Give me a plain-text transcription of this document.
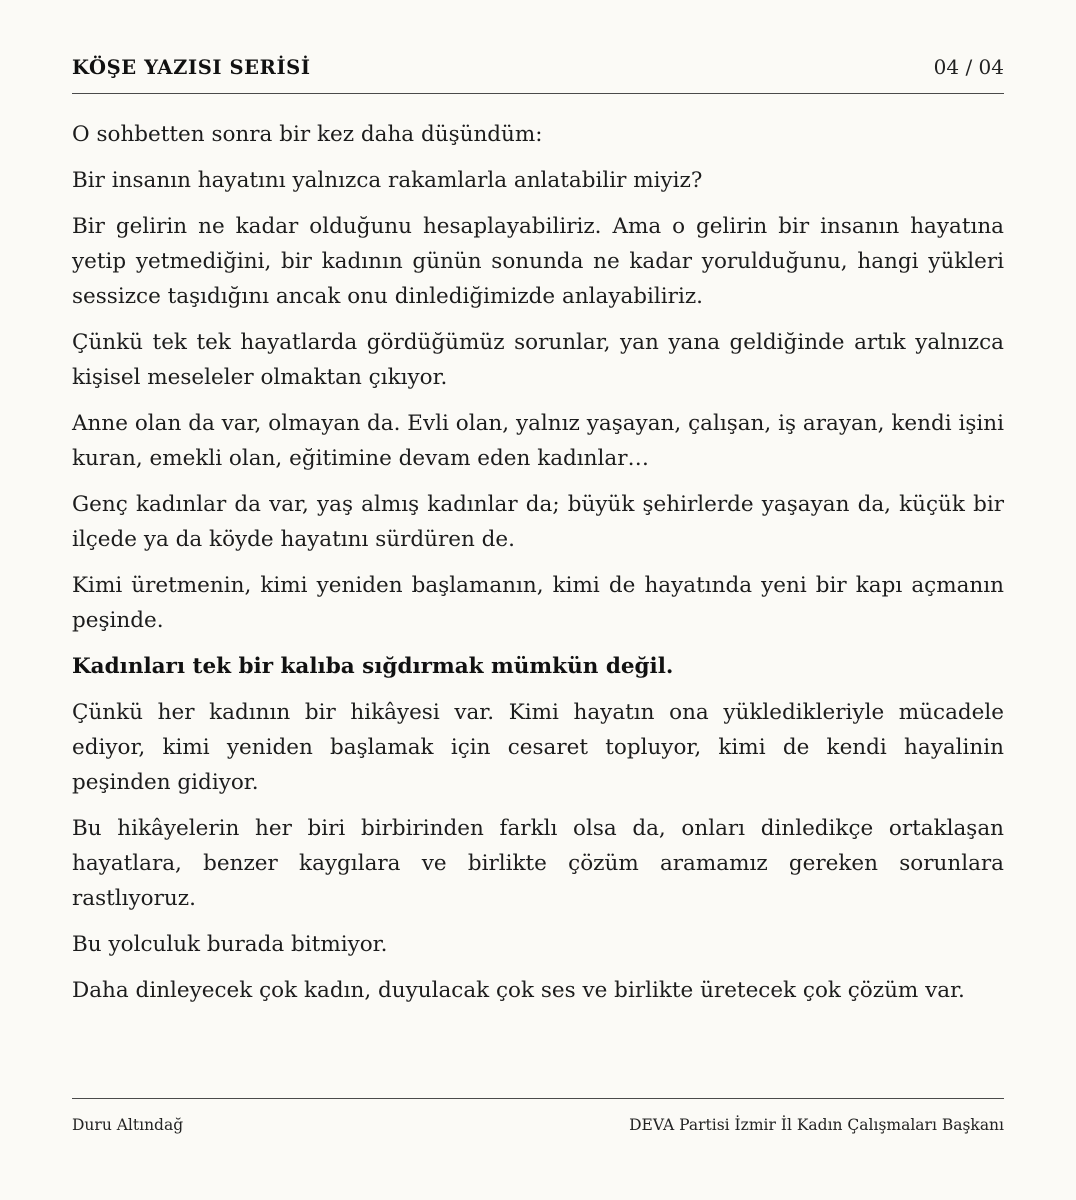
KÖŞE YAZISI SERİSİ	04 / 04

O sohbetten sonra bir kez daha düşündüm:

Bir insanın hayatını yalnızca rakamlarla anlatabilir miyiz?

Bir gelirin ne kadar olduğunu hesaplayabiliriz. Ama o gelirin bir insanın hayatına yetip yetmediğini, bir kadının günün sonunda ne kadar yorulduğunu, hangi yükleri sessizce taşıdığını ancak onu dinlediğimizde anlayabiliriz.

Çünkü tek tek hayatlarda gördüğümüz sorunlar, yan yana geldiğinde artık yalnızca kişisel meseleler olmaktan çıkıyor.

Anne olan da var, olmayan da. Evli olan, yalnız yaşayan, çalışan, iş arayan, kendi işini kuran, emekli olan, eğitimine devam eden kadınlar…

Genç kadınlar da var, yaş almış kadınlar da; büyük şehirlerde yaşayan da, küçük bir ilçede ya da köyde hayatını sürdüren de.

Kimi üretmenin, kimi yeniden başlamanın, kimi de hayatında yeni bir kapı açmanın peşinde.

Kadınları tek bir kalıba sığdırmak mümkün değil.

Çünkü her kadının bir hikâyesi var. Kimi hayatın ona yükledikleriyle mücadele ediyor, kimi yeniden başlamak için cesaret topluyor, kimi de kendi hayalinin peşinden gidiyor.

Bu hikâyelerin her biri birbirinden farklı olsa da, onları dinledikçe ortaklaşan hayatlara, benzer kaygılara ve birlikte çözüm aramamız gereken sorunlara rastlıyoruz.

Bu yolculuk burada bitmiyor.

Daha dinleyecek çok kadın, duyulacak çok ses ve birlikte üretecek çok çözüm var.

Duru Altındağ	DEVA Partisi İzmir İl Kadın Çalışmaları Başkanı
